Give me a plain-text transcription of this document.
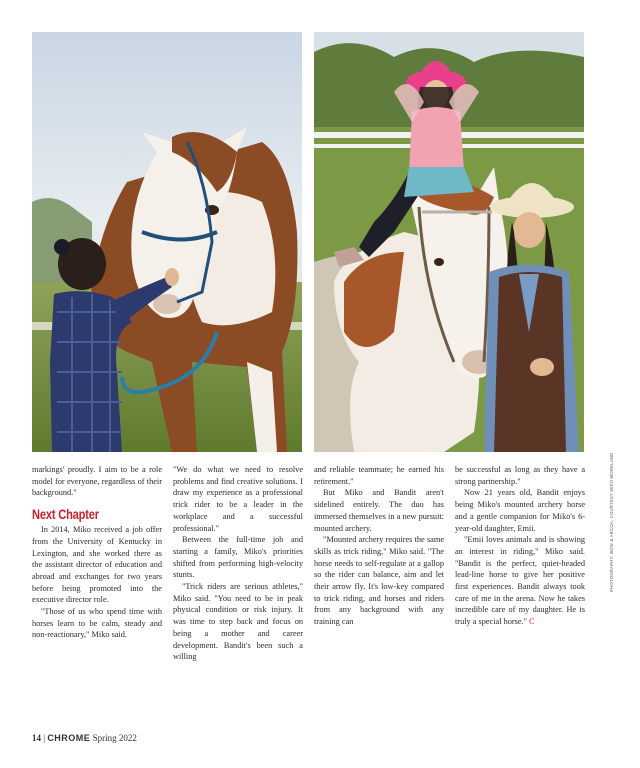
markings' proudly. I aim to be a role model for everyone, regardless of their background."

Next Chapter

In 2014, Miko received a job offer from the University of Kentucky in Lexington, and she worked there as the assistant director of education and abroad and exchanges for two years before being promoted into the executive director role.

"Those of us who spend time with horses learn to be calm, steady and non-reactionary," Miko said.

"We do what we need to resolve problems and find creative solutions. I draw my experience as a professional trick rider to be a leader in the workplace and a successful professional."

Between the full-time job and starting a family, Miko's priorities shifted from performing high-velocity stunts.

"Trick riders are serious athletes," Miko said. "You need to be in peak physical condition or risk injury. It was time to step back and focus on being a mother and career development. Bandit's been such a willing

and reliable teammate; he earned his retirement."

But Miko and Bandit aren't sidelined entirely. The duo has immersed themselves in a new pursuit: mounted archery.

"Mounted archery requires the same skills as trick riding," Miko said. "The horse needs to self-regulate at a gallop so the rider can balance, aim and let their arrow fly. It's low-key compared to trick riding, and horses and riders from any background with any training can

be successful as long as they have a strong partnership."

Now 21 years old, Bandit enjoys being Miko's mounted archery horse and a gentle companion for Miko's 6-year-old daughter, Emii.

"Emii loves animals and is showing an interest in riding," Miko said. "Bandit is the perfect, quiet-headed lead-line horse to give her positive first experiences. Bandit always took care of me in the arena. Now he takes incredible care of my daughter. He is truly a special horse." C

PHOTOGRAPHY: BOW & ARCOA, COURTESY MIKO MORELAND
14 | CHROME Spring 2022
